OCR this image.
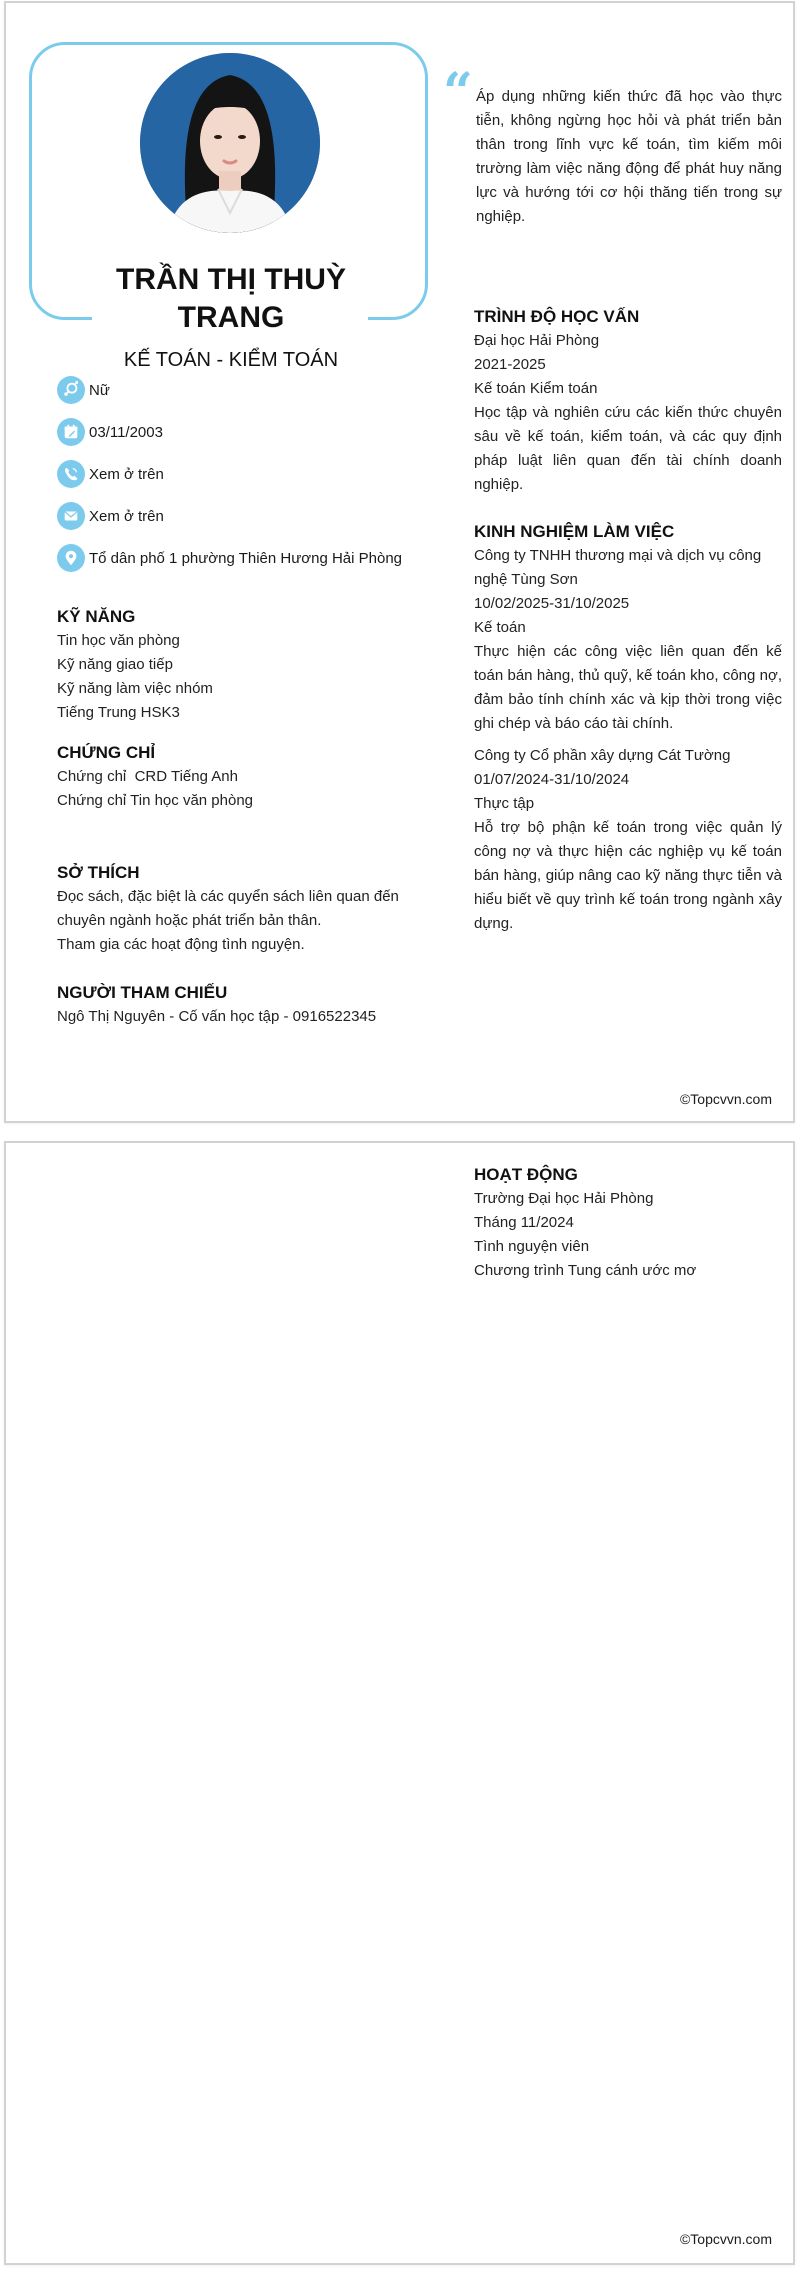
TRẦN THỊ THUỲ TRANG
KẾ TOÁN - KIỂM TOÁN
Nữ
03/11/2003
Xem ở trên
Xem ở trên
Tổ dân phố 1 phường Thiên Hương Hải Phòng
KỸ NĂNG
Tin học văn phòng
Kỹ năng giao tiếp
Kỹ năng làm việc nhóm
Tiếng Trung HSK3
CHỨNG CHỈ
Chứng chỉ  CRD Tiếng Anh
Chứng chỉ Tin học văn phòng
SỞ THÍCH
Đọc sách, đặc biệt là các quyển sách liên quan đến chuyên ngành hoặc phát triển bản thân.
Tham gia các hoạt động tình nguyện.
NGƯỜI THAM CHIẾU
Ngô Thị Nguyên - Cố vấn học tập - 0916522345
“ Áp dụng những kiến thức đã học vào thực tiễn, không ngừng học hỏi và phát triển bản thân trong lĩnh vực kế toán, tìm kiếm môi trường làm việc năng động để phát huy năng lực và hướng tới cơ hội thăng tiến trong sự nghiệp.
TRÌNH ĐỘ HỌC VẤN
Đại học Hải Phòng
2021-2025
Kế toán Kiểm toán
Học tập và nghiên cứu các kiến thức chuyên sâu về kế toán, kiểm toán, và các quy định pháp luật liên quan đến tài chính doanh nghiệp.
KINH NGHIỆM LÀM VIỆC
Công ty TNHH thương mại và dịch vụ công nghệ Tùng Sơn
10/02/2025-31/10/2025
Kế toán
Thực hiện các công việc liên quan đến kế toán bán hàng, thủ quỹ, kế toán kho, công nợ, đảm bảo tính chính xác và kịp thời trong việc ghi chép và báo cáo tài chính.
Công ty Cổ phần xây dựng Cát Tường
01/07/2024-31/10/2024
Thực tập
Hỗ trợ bộ phận kế toán trong việc quản lý công nợ và thực hiện các nghiệp vụ kế toán bán hàng, giúp nâng cao kỹ năng thực tiễn và hiểu biết về quy trình kế toán trong ngành xây dựng.
©Topcvvn.com
HOẠT ĐỘNG
Trường Đại học Hải Phòng
Tháng 11/2024
Tình nguyện viên
Chương trình Tung cánh ước mơ
©Topcvvn.com
